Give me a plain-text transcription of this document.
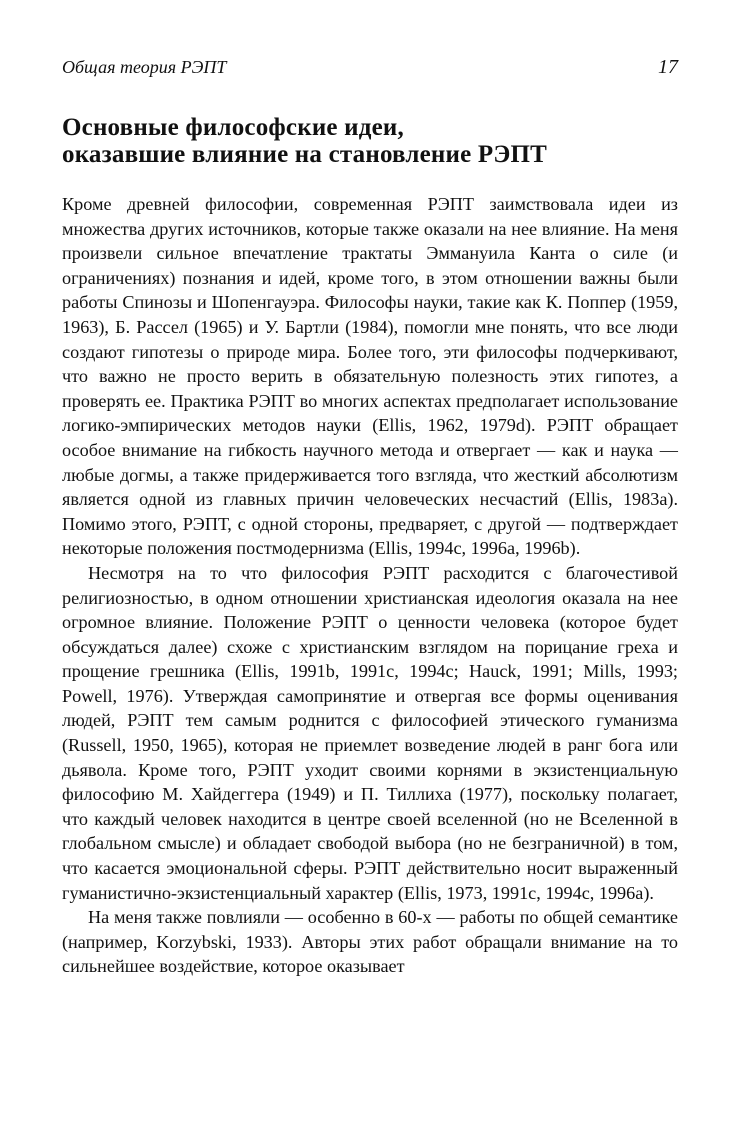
Общая теория РЭПТ	17
Основные философские идеи,
оказавшие влияние на становление РЭПТ

Кроме древней философии, современная РЭПТ заимствовала идеи из множества других источников, которые также оказали на нее влияние. На меня произвели сильное впечатление трактаты Эммануила Канта о силе (и ограничениях) познания и идей, кроме того, в этом отношении важны были работы Спинозы и Шопенгауэра. Философы науки, такие как К. Поппер (1959, 1963), Б. Рассел (1965) и У. Бартли (1984), помогли мне понять, что все люди создают гипотезы о природе мира. Более того, эти философы подчеркивают, что важно не просто верить в обязательную полезность этих гипотез, а проверять ее. Практика РЭПТ во многих аспектах предполагает использование логико-эмпирических методов науки (Ellis, 1962, 1979d). РЭПТ обращает особое внимание на гибкость научного метода и отвергает — как и наука — любые догмы, а также придерживается того взгляда, что жесткий абсолютизм является одной из главных причин человеческих несчастий (Ellis, 1983a). Помимо этого, РЭПТ, с одной стороны, предваряет, с другой — подтверждает некоторые положения постмодернизма (Ellis, 1994c, 1996a, 1996b).

Несмотря на то что философия РЭПТ расходится с благочестивой религиозностью, в одном отношении христианская идеология оказала на нее огромное влияние. Положение РЭПТ о ценности человека (которое будет обсуждаться далее) схоже с христианским взглядом на порицание греха и прощение грешника (Ellis, 1991b, 1991c, 1994c; Hauck, 1991; Mills, 1993; Powell, 1976). Утверждая самопринятие и отвергая все формы оценивания людей, РЭПТ тем самым роднится с философией этического гуманизма (Russell, 1950, 1965), которая не приемлет возведение людей в ранг бога или дьявола. Кроме того, РЭПТ уходит своими корнями в экзистенциальную философию М. Хайдеггера (1949) и П. Тиллиха (1977), поскольку полагает, что каждый человек находится в центре своей вселенной (но не Вселенной в глобальном смысле) и обладает свободой выбора (но не безграничной) в том, что касается эмоциональной сферы. РЭПТ действительно носит выраженный гуманистично-экзистенциальный характер (Ellis, 1973, 1991c, 1994c, 1996a).

На меня также повлияли — особенно в 60-х — работы по общей семантике (например, Korzybski, 1933). Авторы этих работ обращали внимание на то сильнейшее воздействие, которое оказывает
